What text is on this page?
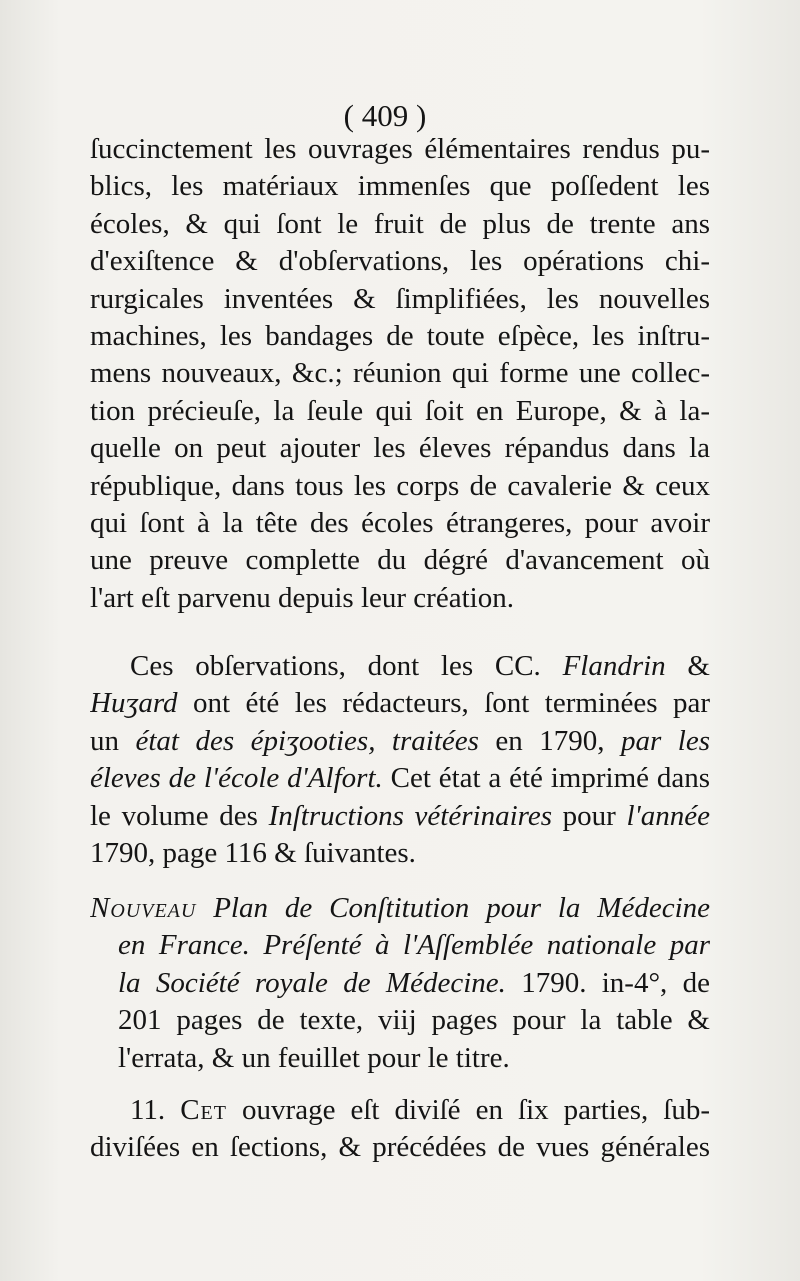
( 409 )
ſuccinctement les ouvrages élémentaires rendus pu-
blics, les matériaux immenſes que poſſedent les
écoles, & qui ſont le fruit de plus de trente ans
d'exiſtence & d'obſervations, les opérations chi-
rurgicales inventées & ſimplifiées, les nouvelles
machines, les bandages de toute eſpèce, les inſtru-
mens nouveaux, &c.; réunion qui forme une collec-
tion précieuſe, la ſeule qui ſoit en Europe, & à la-
quelle on peut ajouter les éleves répandus dans la
république, dans tous les corps de cavalerie & ceux
qui ſont à la tête des écoles étrangeres, pour avoir
une preuve complette du dégré d'avancement où
l'art eſt parvenu depuis leur création.
Ces obſervations, dont les CC. Flandrin &
Huʒard ont été les rédacteurs, ſont terminées par
un état des épiʒooties, traitées en 1790, par les
éleves de l'école d'Alfort. Cet état a été imprimé dans
le volume des Inſtructions vétérinaires pour l'année
1790, page 116 & ſuivantes.
Nouveau Plan de Conſtitution pour la Médecine
en France. Préſenté à l'Aſſemblée nationale par
la Société royale de Médecine. 1790. in-4°, de
201 pages de texte, viij pages pour la table &
l'errata, & un feuillet pour le titre.
11. Cet ouvrage eſt diviſé en ſix parties, ſub-
diviſées en ſections, & précédées de vues générales
